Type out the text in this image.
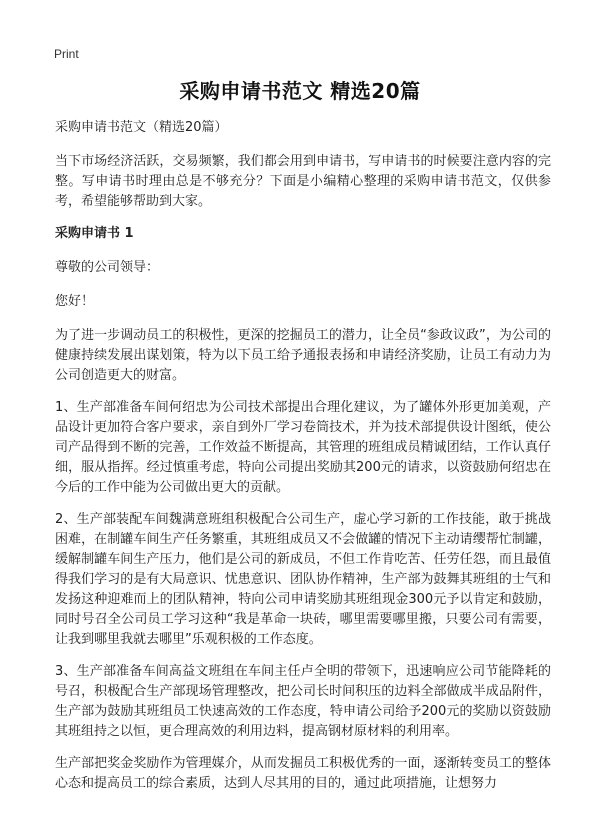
Print
采购申请书范文 精选20篇

采购申请书范文（精选20篇）

当下市场经济活跃，交易频繁，我们都会用到申请书，写申请书的时候要注意内容的完整。写申请书时理由总是不够充分？下面是小编精心整理的采购申请书范文，仅供参考，希望能够帮助到大家。

采购申请书 1

尊敬的公司领导：

您好！

为了进一步调动员工的积极性，更深的挖掘员工的潜力，让全员“参政议政”，为公司的健康持续发展出谋划策，特为以下员工给予通报表扬和申请经济奖励，让员工有动力为公司创造更大的财富。

1、生产部准备车间何绍忠为公司技术部提出合理化建议，为了罐体外形更加美观，产品设计更加符合客户要求，亲自到外厂学习卷筒技术，并为技术部提供设计图纸，使公司产品得到不断的完善，工作效益不断提高，其管理的班组成员精诚团结，工作认真仔细，服从指挥。经过慎重考虑，特向公司提出奖励其200元的请求，以资鼓励何绍忠在今后的工作中能为公司做出更大的贡献。

2、生产部装配车间魏满意班组积极配合公司生产，虚心学习新的工作技能，敢于挑战困难，在制罐车间生产任务繁重，其班组成员又不会做罐的情况下主动请缨帮忙制罐，缓解制罐车间生产压力，他们是公司的新成员，不但工作肯吃苦、任劳任怨，而且最值得我们学习的是有大局意识、忧患意识、团队协作精神，生产部为鼓舞其班组的士气和发扬这种迎难而上的团队精神，特向公司申请奖励其班组现金300元予以肯定和鼓励，同时号召全公司员工学习这种“我是革命一块砖，哪里需要哪里搬，只要公司有需要，让我到哪里我就去哪里”乐观积极的工作态度。

3、生产部准备车间高益文班组在车间主任卢全明的带领下，迅速响应公司节能降耗的号召，积极配合生产部现场管理整改，把公司长时间积压的边料全部做成半成品附件，生产部为鼓励其班组员工快速高效的工作态度，特申请公司给予200元的奖励以资鼓励其班组持之以恒，更合理高效的利用边料，提高钢材原材料的利用率。

生产部把奖金奖励作为管理媒介，从而发掘员工积极优秀的一面，逐渐转变员工的整体心态和提高员工的综合素质，达到人尽其用的目的，通过此项措施，让想努力
